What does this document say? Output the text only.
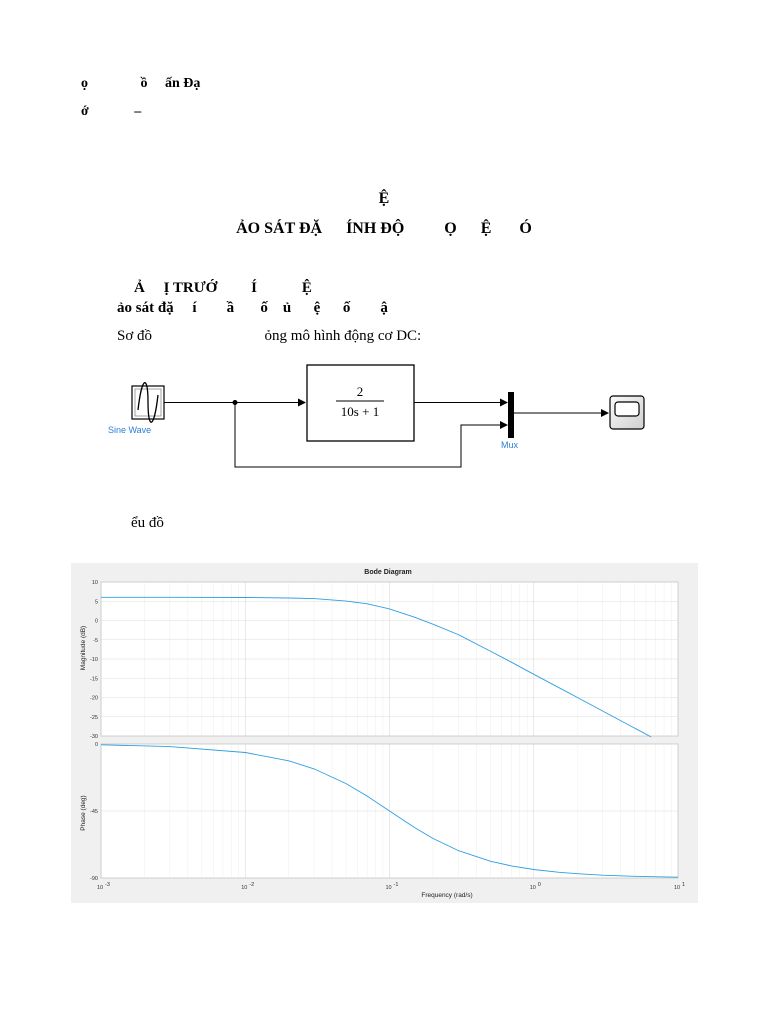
ọ               ồ     ấn Đạ
ớ             –
Ệ
ẢO SÁT ĐẶ      ÍNH ĐỘ          Ọ      Ệ       Ó
Ả     Ị TRƯỚ         Í            Ệ
ảo sát đặ     í        ầ       ố    ủ      ệ      ố        ậ
Sơ đồ                              ỏng mô hình động cơ DC:
Sine Wave
2
10s + 1
Mux
ểu đồ
Bode Diagram
10
5
0
-5
-10
-15
-20
-25
-30
0
-45
-90
10 -3	10 -2	10 -1	10 0	10 1
Frequency (rad/s)
Magnitude (dB)
Phase (deg)
